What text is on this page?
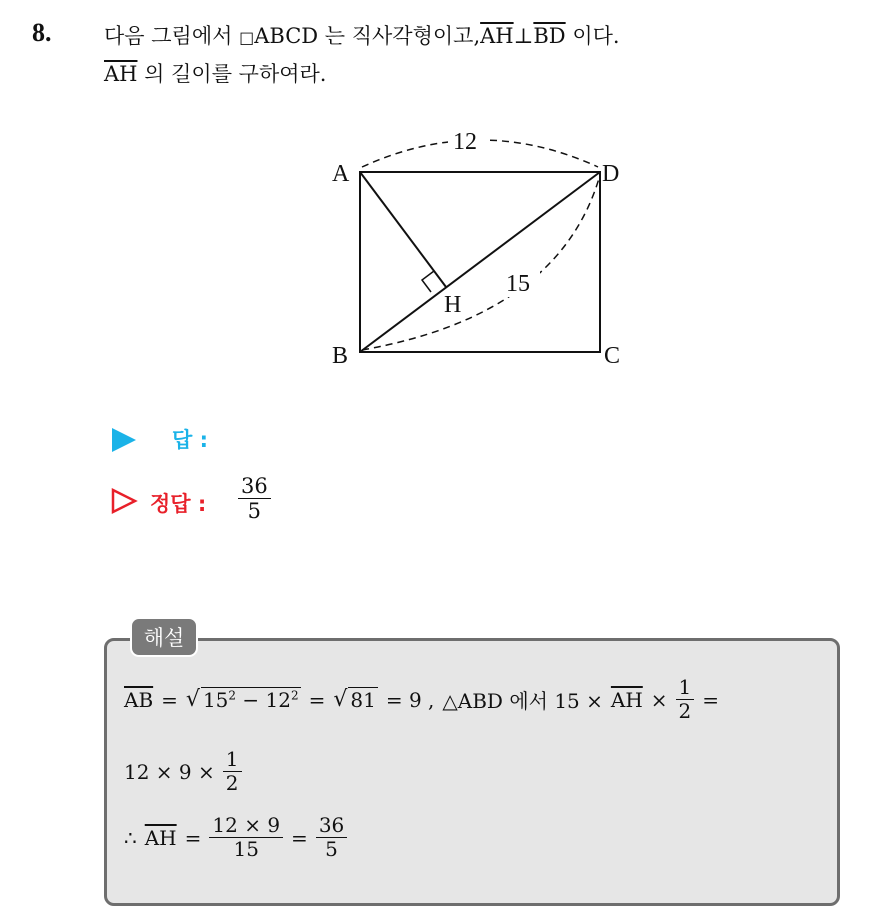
8.	다음 그림에서 □ABCD 는 직사각형이고$,\overline{AH}\perp\overline{BD}$ 이다.
$\overline{AH}$ 의 길이를 구하여라.
12
15
A	D
B	C
H
답 :
정답 : $\frac{36}{5}$
해설
$\overline{AB}$ = √ $15^2 - 12^2$ = √ 81 = 9 , △ABD 에서 $15 \times \overline{AH} \times \frac{1}{2}$ =
$12 \times 9 \times \frac{1}{2}$
∴ $\overline{AH} = \frac{12 \times 9}{15} = \frac{36}{5}$
